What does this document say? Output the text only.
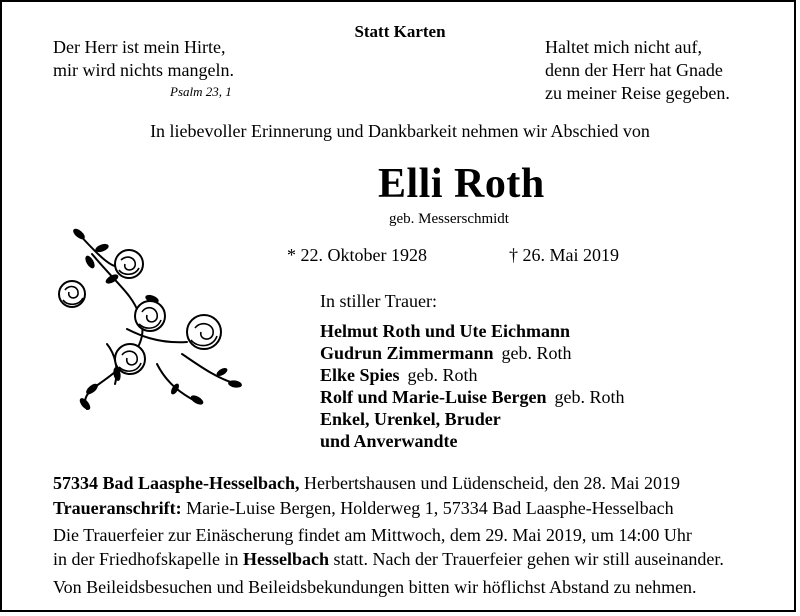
Statt Karten
Der Herr ist mein Hirte,
mir wird nichts mangeln.
Psalm 23, 1
Haltet mich nicht auf,
denn der Herr hat Gnade
zu meiner Reise gegeben.
In liebevoller Erinnerung und Dankbarkeit nehmen wir Abschied von
Elli Roth
geb. Messerschmidt
* 22. Oktober 1928	† 26. Mai 2019
In stiller Trauer:
Helmut Roth und Ute Eichmann
Gudrun Zimmermann geb. Roth
Elke Spies geb. Roth
Rolf und Marie-Luise Bergen geb. Roth
Enkel, Urenkel, Bruder
und Anverwandte
57334 Bad Laasphe-Hesselbach, Herbertshausen und Lüdenscheid, den 28. Mai 2019
Traueranschrift: Marie-Luise Bergen, Holderweg 1, 57334 Bad Laasphe-Hesselbach
Die Trauerfeier zur Einäscherung findet am Mittwoch, dem 29. Mai 2019, um 14:00 Uhr
in der Friedhofskapelle in Hesselbach statt. Nach der Trauerfeier gehen wir still auseinander.
Von Beileidsbesuchen und Beileidsbekundungen bitten wir höflichst Abstand zu nehmen.
